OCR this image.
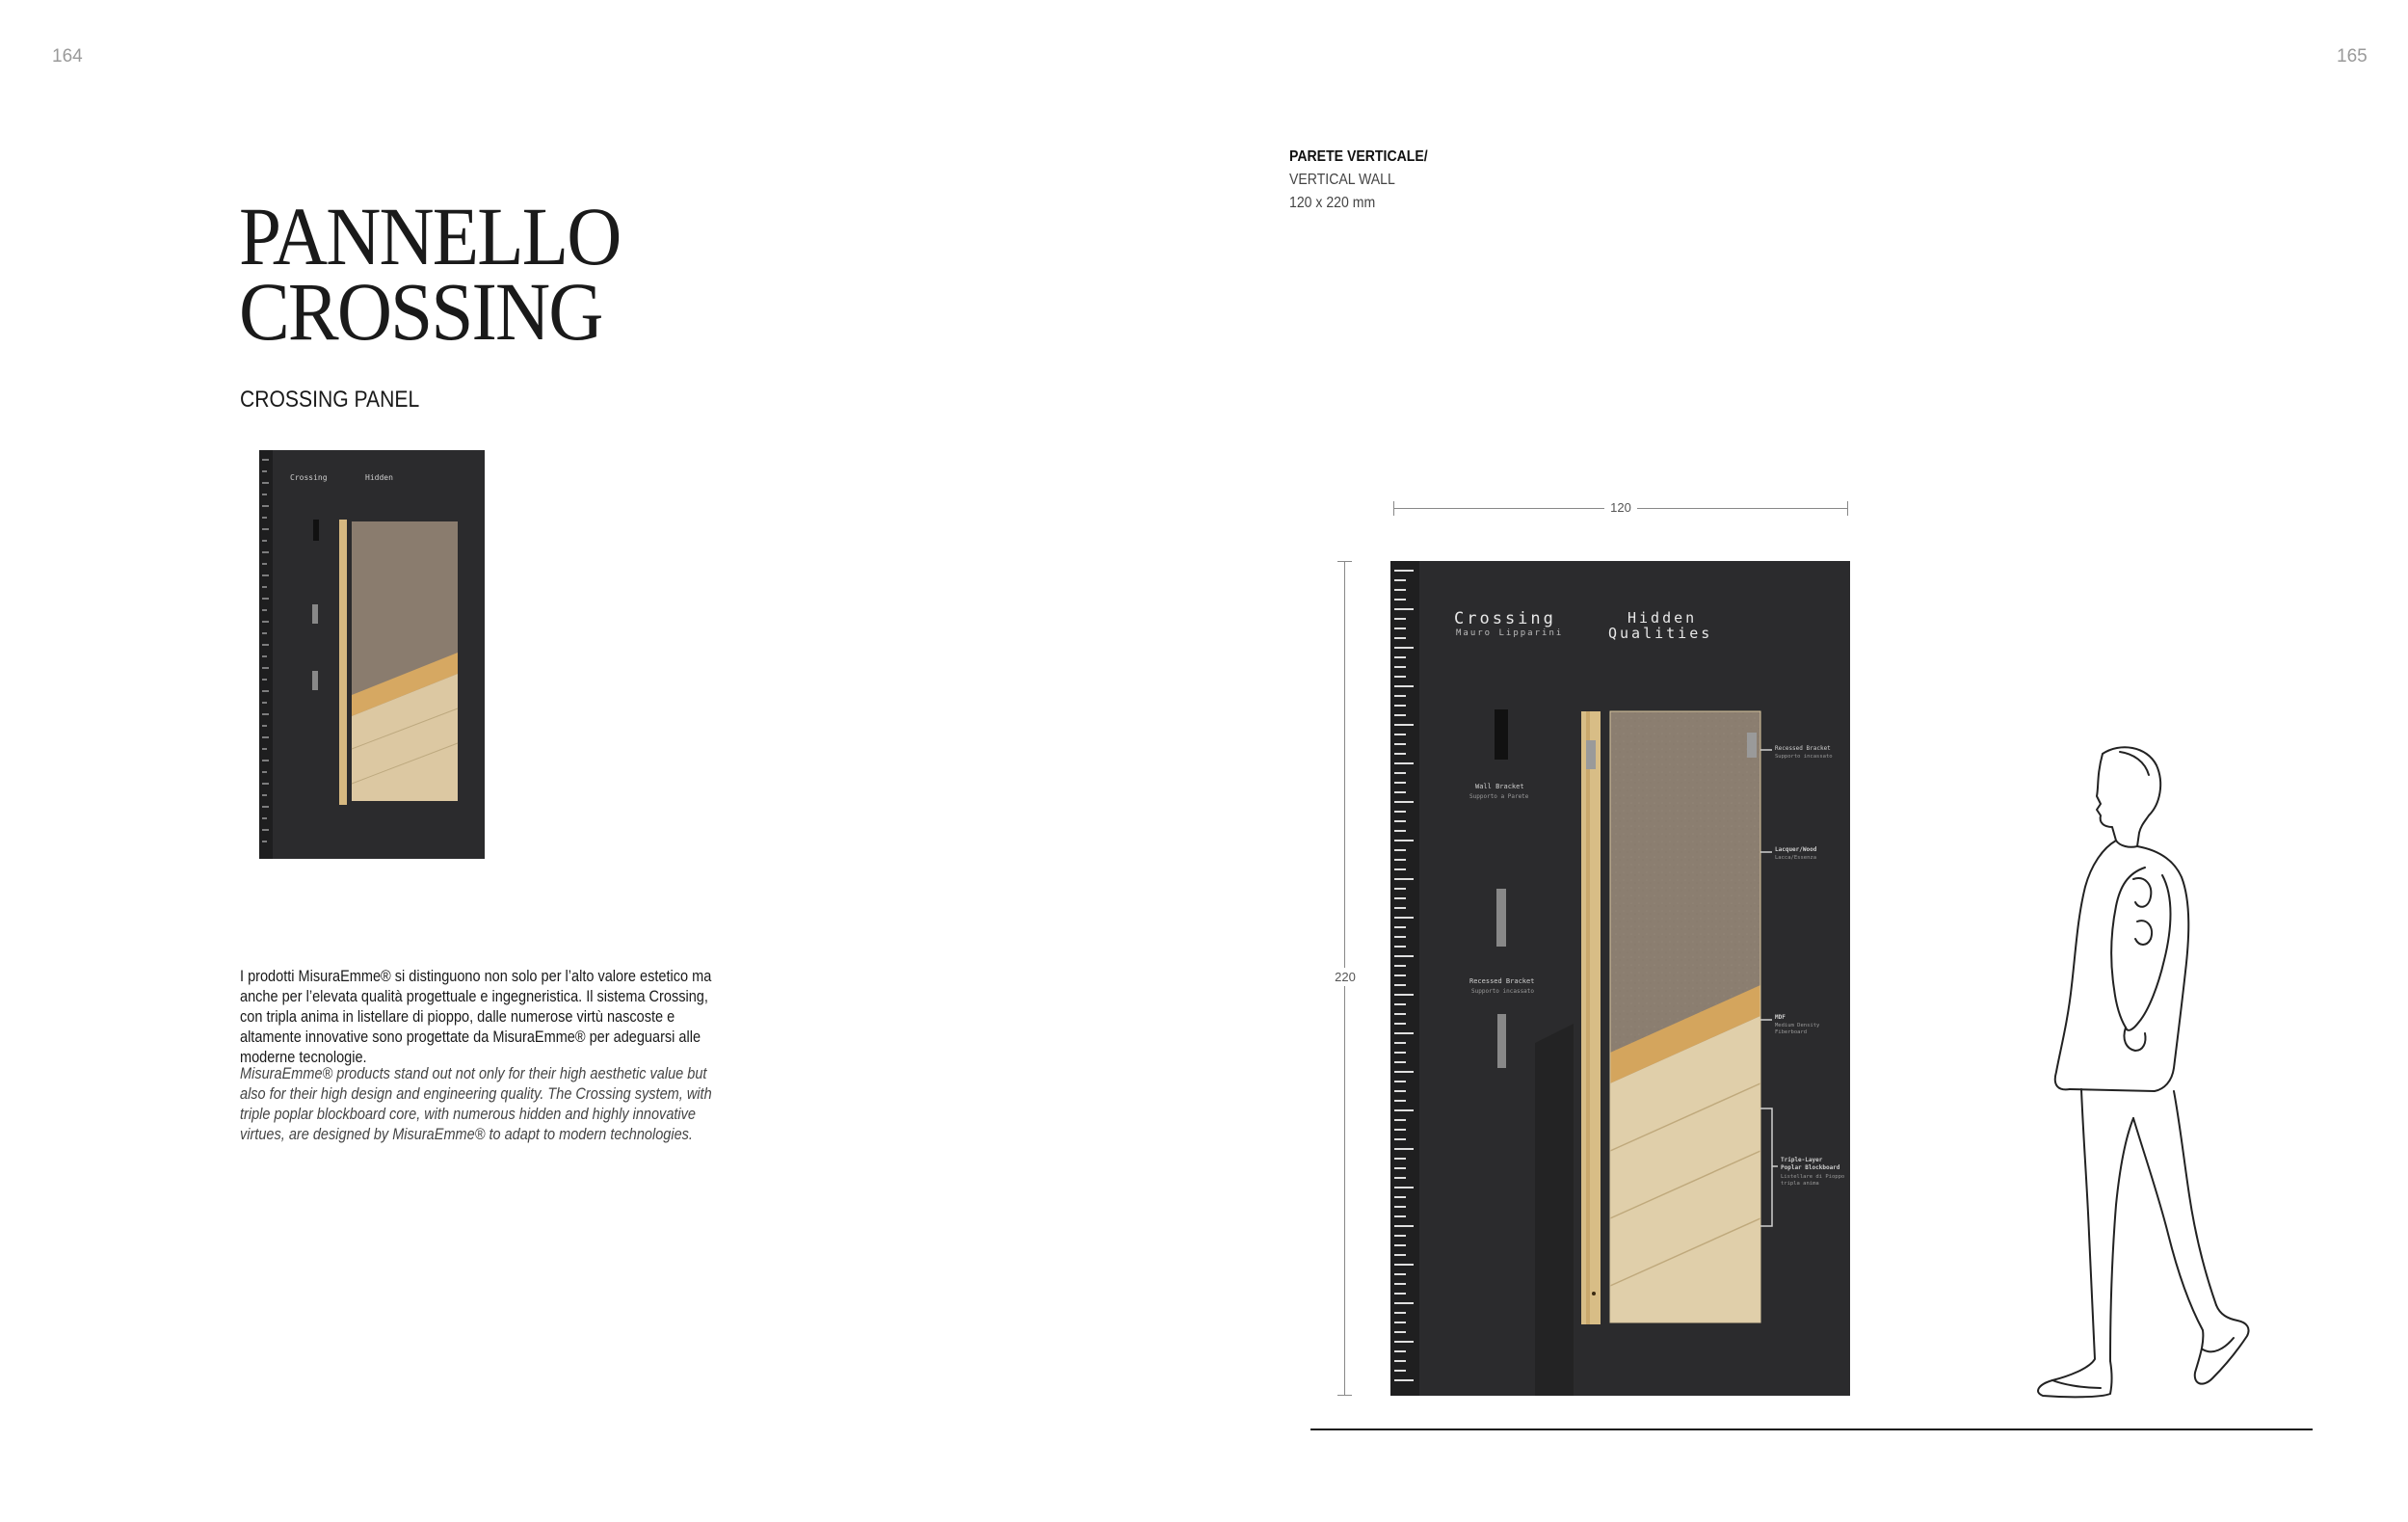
164	165
PANNELLO
CROSSING
CROSSING PANEL
Crossing	Hidden

I prodotti MisuraEmme® si distinguono non solo per l’alto valore estetico ma anche per l’elevata qualità progettuale e ingegneristica. Il sistema Crossing, con tripla anima in listellare di pioppo, dalle numerose virtù nascoste e altamente innovative sono progettate da MisuraEmme® per adeguarsi alle moderne tecnologie.

MisuraEmme® products stand out not only for their high aesthetic value but also for their high design and engineering quality. The Crossing system, with triple poplar blockboard core, with numerous hidden and highly innovative virtues, are designed by MisuraEmme® to adapt to modern technologies.

PARETE VERTICALE/
VERTICAL WALL
120 x 220 mm
120
220
Crossing
Mauro Lipparini
Hidden
Qualities
Wall Bracket
Supporto a Parete
Recessed Bracket
Supporto incassato
Recessed Bracket
Supporto incassato
Lacquer/Wood
Lacca/Essenza
MDF
Medium Density
Fiberboard
Triple-Layer
Poplar Blockboard
Listellare di Pioppo
tripla anima
